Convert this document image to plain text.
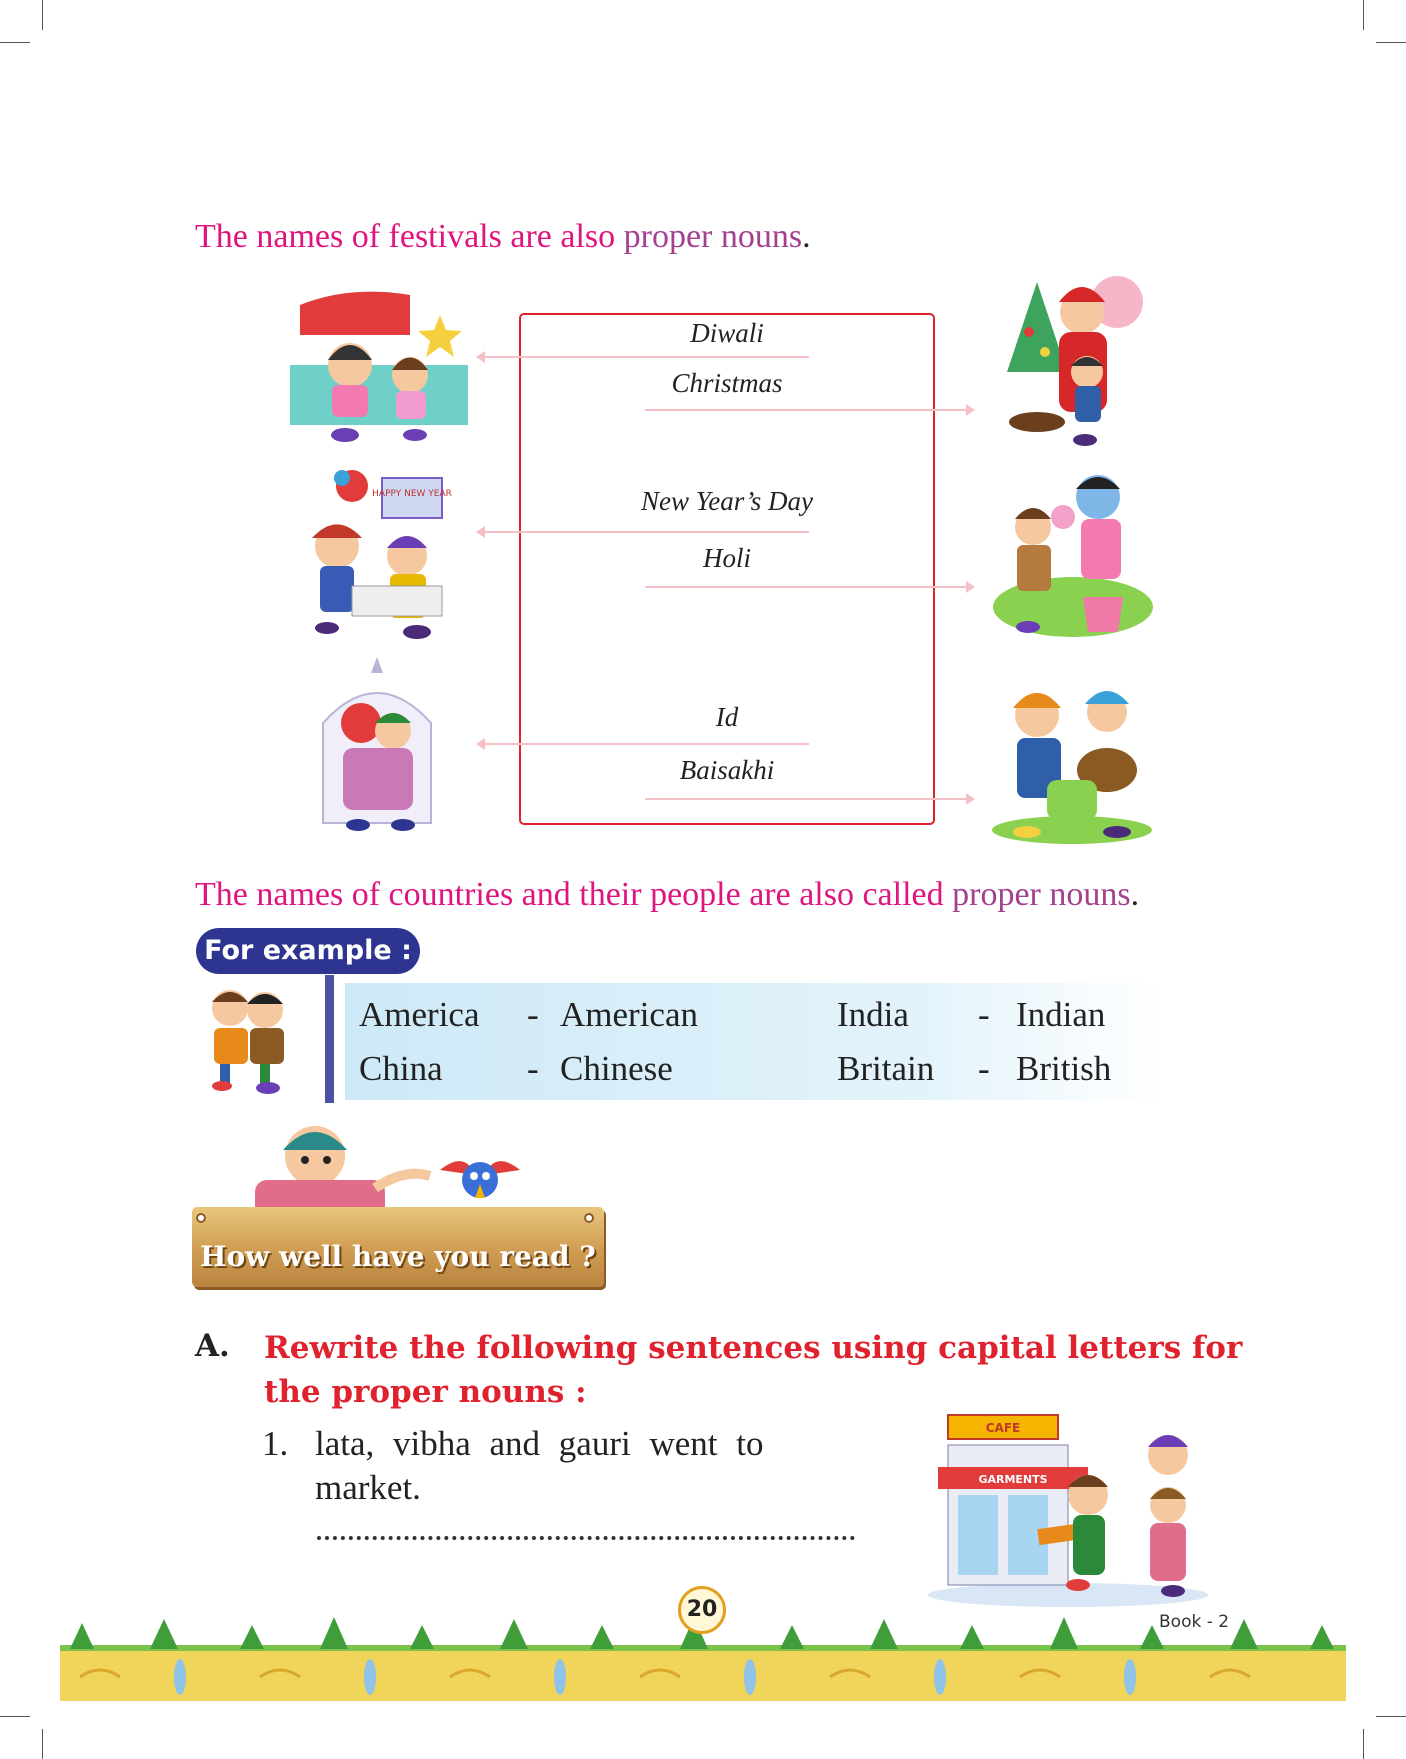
The names of festivals are also proper nouns.
Diwali
Christmas
New Year’s Day
Holi
Id
Baisakhi
HAPPY NEW YEAR
The names of countries and their people are also called proper nouns.
For example :
America - American	India - Indian
China - Chinese	Britain - British
How well have you read ?
A. Rewrite the following sentences using capital letters for the proper nouns :
1. lata, vibha and gauri went to
market.
CAFE
GARMENTS
20	Book - 2
